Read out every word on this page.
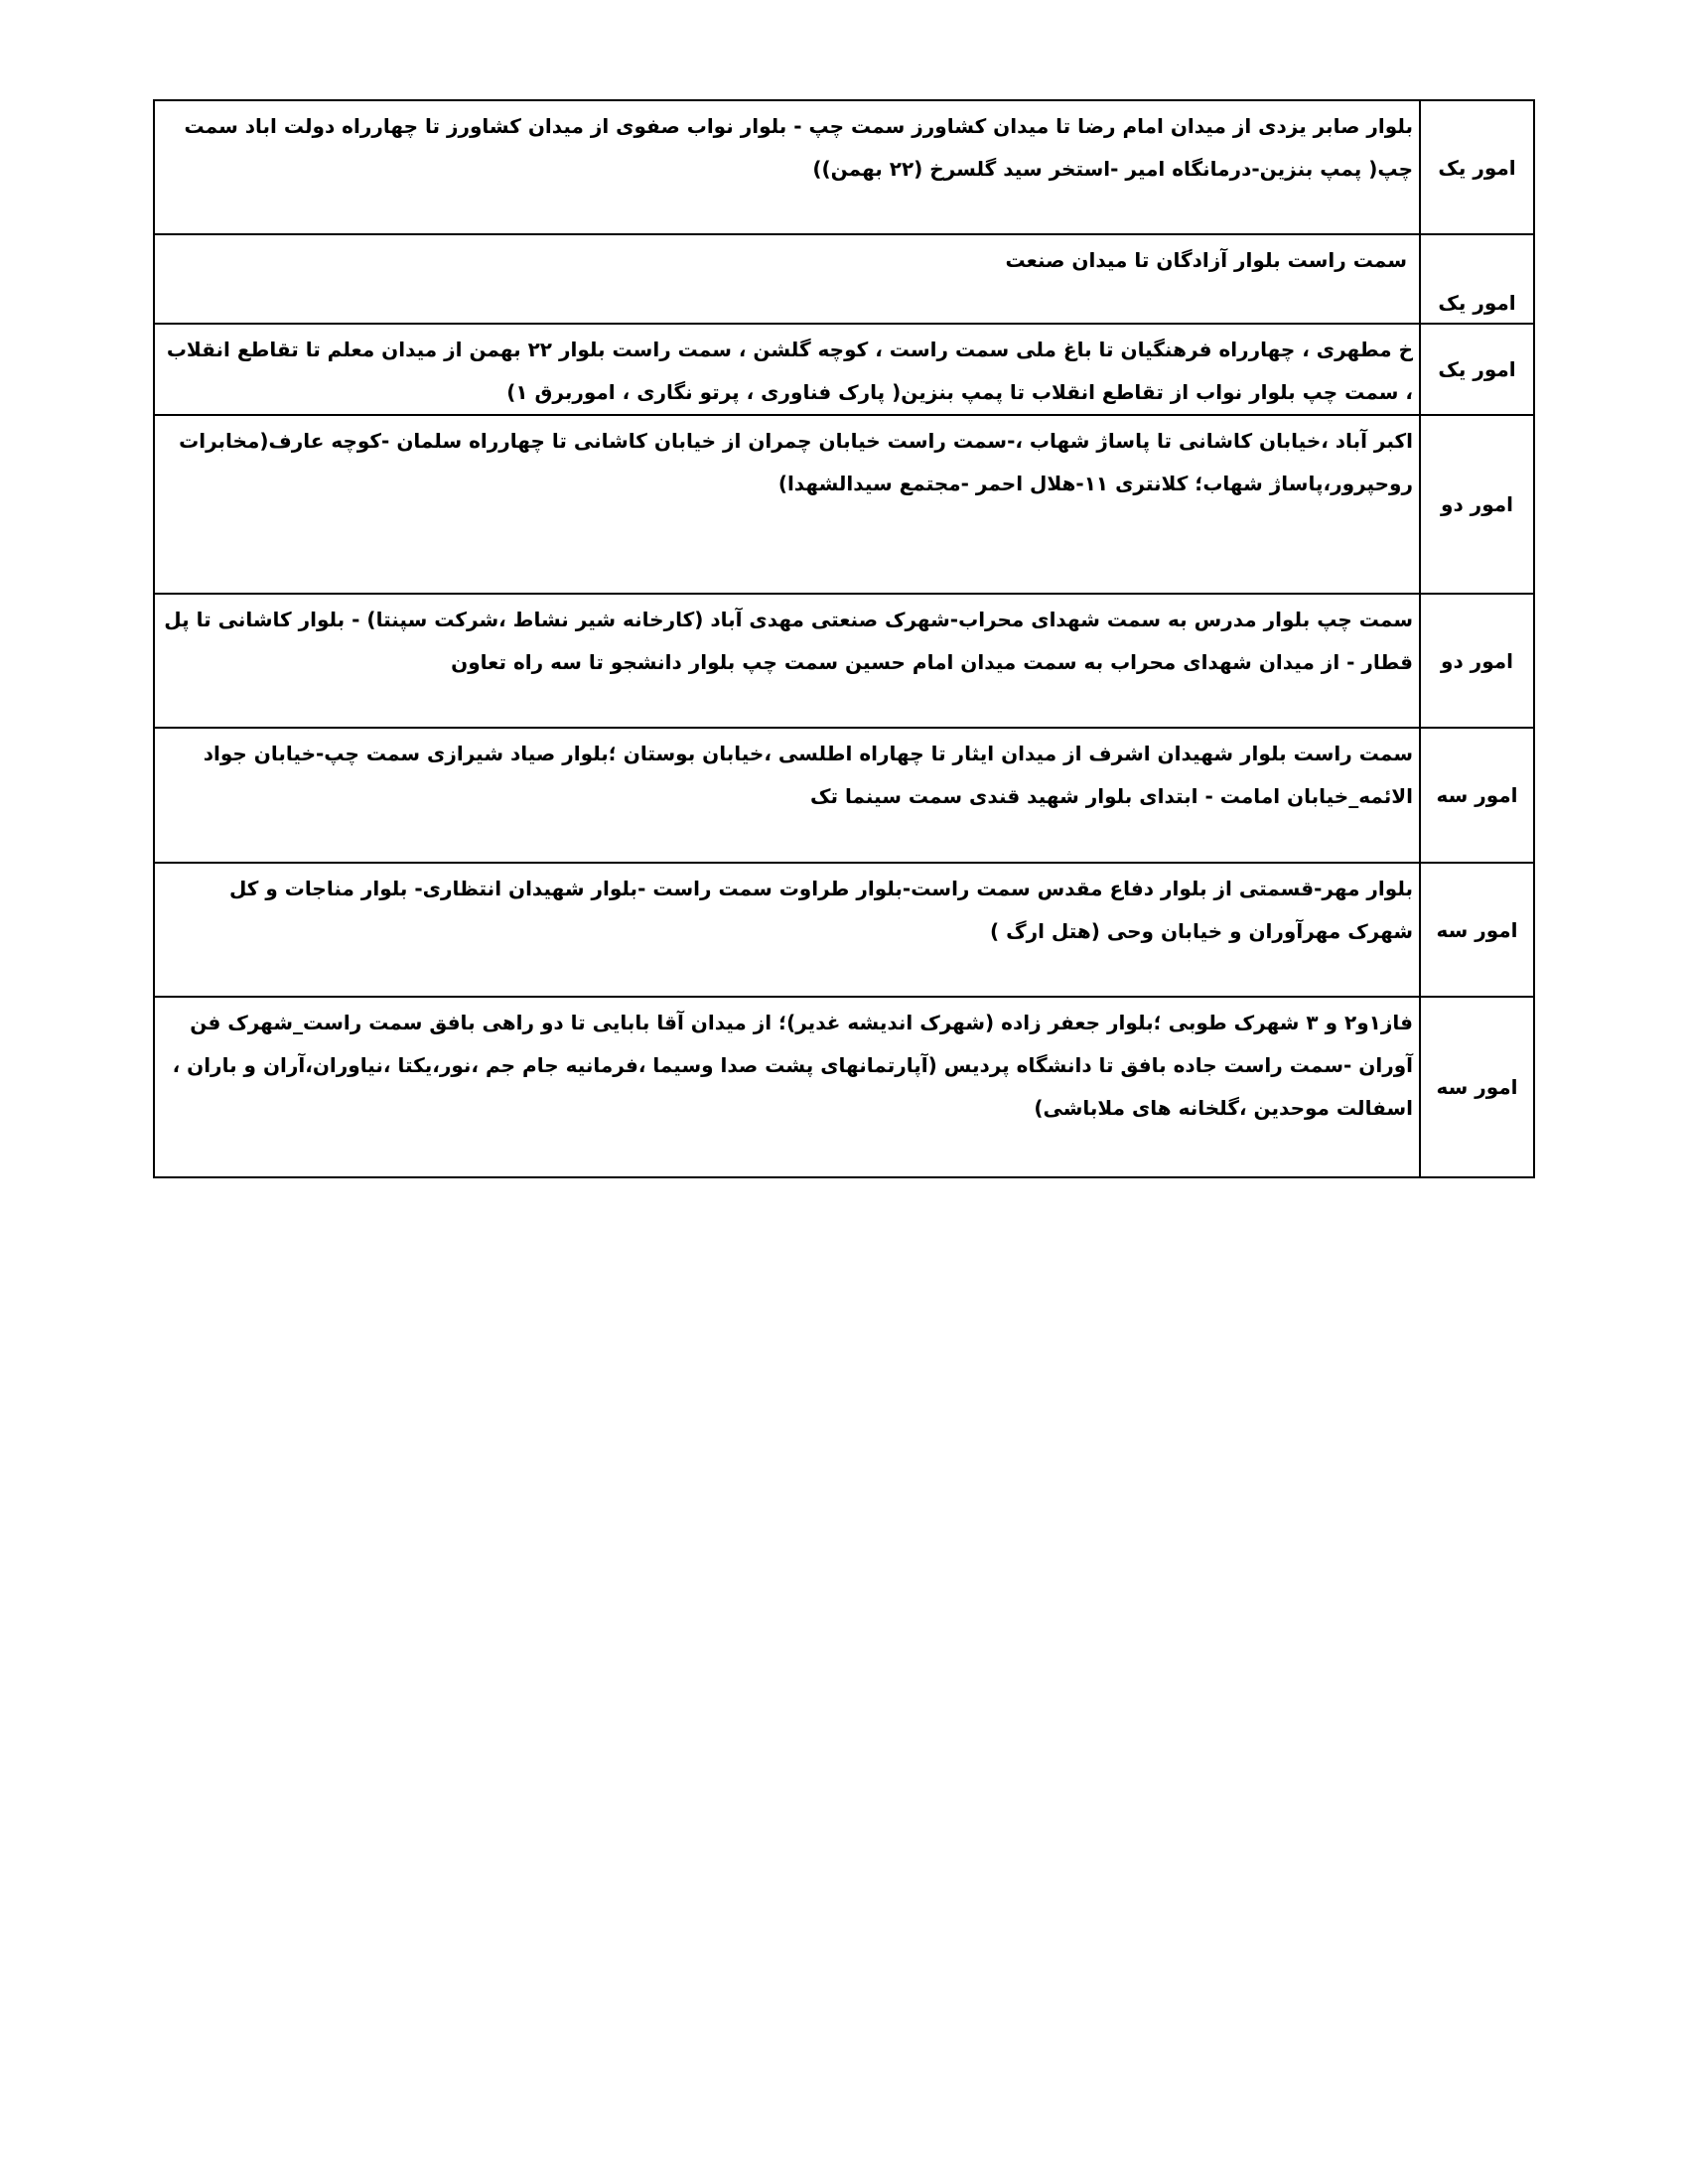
امور یک	بلوار صابر یزدی از میدان امام رضا تا میدان کشاورز سمت چپ - بلوار نواب صفوی از میدان کشاورز تا چهارراه دولت اباد سمت چپ( پمپ بنزین-درمانگاه امیر -استخر سید گلسرخ (۲۲ بهمن))
امور یک	سمت راست بلوار آزادگان تا میدان صنعت
امور یک	خ مطهری ، چهارراه فرهنگیان تا باغ ملی سمت راست ، کوچه گلشن ، سمت راست بلوار ۲۲ بهمن از میدان معلم تا تقاطع انقلاب ، سمت چپ بلوار نواب از تقاطع انقلاب تا پمپ بنزین( پارک فناوری ، پرتو نگاری ، اموربرق ۱)
امور دو	اکبر آباد ،خیابان کاشانی تا پاساژ شهاب ،-سمت راست خیابان چمران از خیابان کاشانی تا چهارراه سلمان -کوچه عارف(مخابرات روحپرور،پاساژ شهاب؛ کلانتری ۱۱-هلال احمر -مجتمع سیدالشهدا)
امور دو	سمت چپ بلوار مدرس به سمت شهدای محراب-شهرک صنعتی مهدی آباد (کارخانه شیر نشاط ،شرکت سپنتا) - بلوار کاشانی تا پل قطار - از میدان شهدای محراب به سمت میدان امام حسین سمت چپ بلوار دانشجو تا سه راه تعاون
امور سه	سمت راست بلوار شهیدان اشرف از میدان ایثار تا چهاراه اطلسی ،خیابان بوستان ؛بلوار صیاد شیرازی سمت چپ-خیابان جواد الائمه_خیابان امامت - ابتدای بلوار شهید قندی سمت سینما تک
امور سه	بلوار مهر-قسمتی از بلوار دفاع مقدس سمت راست-بلوار طراوت سمت راست -بلوار شهیدان انتظاری- بلوار مناجات و کل شهرک مهرآوران و خیابان وحی (هتل ارگ )
امور سه	فاز۱و۲ و ۳ شهرک طوبی ؛بلوار جعفر زاده (شهرک اندیشه غدیر)؛ از میدان آقا بابایی تا دو راهی بافق سمت راست_شهرک فن آوران -سمت راست جاده بافق تا دانشگاه پردیس (آپارتمانهای پشت صدا وسیما ،فرمانیه جام جم ،نور،یکتا ،نیاوران،آران و باران ، اسفالت موحدین ،گلخانه های ملاباشی)
